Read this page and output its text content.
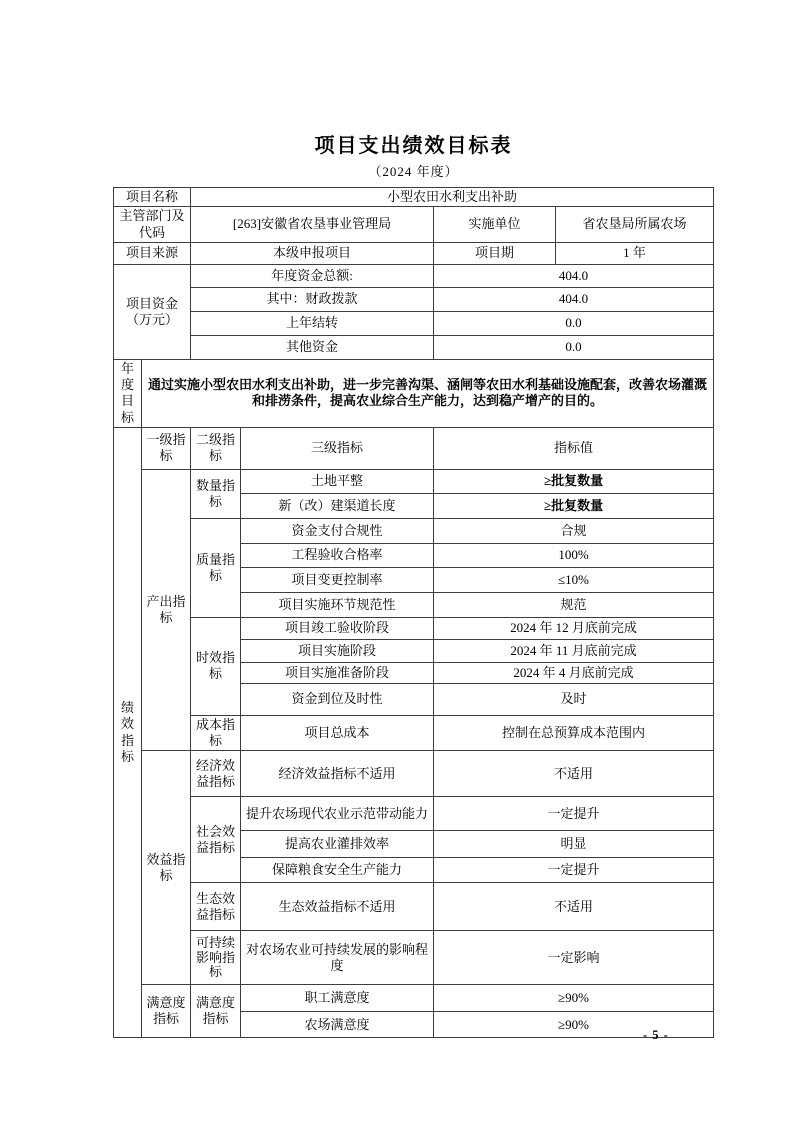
项目支出绩效目标表
（2024 年度）
项目名称		小型农田水利支出补助			
主管部门及代码		[263]安徽省农垦事业管理局		实施单位	省农垦局所属农场
项目来源		本级申报项目		项目期	1 年
项目资金（万元）		年度资金总额:		404.0	
		其中：财政拨款		404.0	
		上年结转		0.0	
		其他资金		0.0	
年度目标	通过实施小型农田水利支出补助，进一步完善沟渠、涵闸等农田水利基础设施配套，改善农场灌溉和排涝条件，提高农业综合生产能力，达到稳产增产的目的。				
绩效指标	一级指标	二级指标	三级指标	指标值	
	产出指标	数量指标	土地平整	≥批复数量	
			新（改）建渠道长度	≥批复数量	
		质量指标	资金支付合规性	合规	
			工程验收合格率	100%	
			项目变更控制率	≤10%	
			项目实施环节规范性	规范	
		时效指标	项目竣工验收阶段	2024 年 12 月底前完成	
			项目实施阶段	2024 年 11 月底前完成	
			项目实施准备阶段	2024 年 4 月底前完成	
			资金到位及时性	及时	
		成本指标	项目总成本	控制在总预算成本范围内	
	效益指标	经济效益指标	经济效益指标不适用	不适用	
		社会效益指标	提升农场现代农业示范带动能力	一定提升	
			提高农业灌排效率	明显	
			保障粮食安全生产能力	一定提升	
		生态效益指标	生态效益指标不适用	不适用	
		可持续影响指标	对农场农业可持续发展的影响程度	一定影响	
	满意度指标	满意度指标	职工满意度	≥90%	
			农场满意度	≥90%	
- 5 -
